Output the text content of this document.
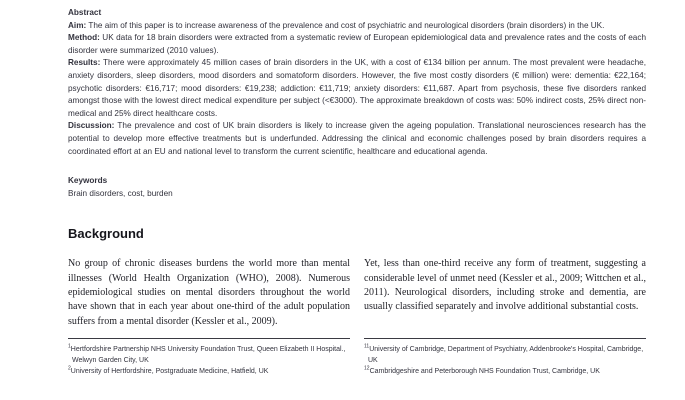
Abstract

Aim: The aim of this paper is to increase awareness of the prevalence and cost of psychiatric and neurological disorders (brain disorders) in the UK.

Method: UK data for 18 brain disorders were extracted from a systematic review of European epidemiological data and prevalence rates and the costs of each disorder were summarized (2010 values).

Results: There were approximately 45 million cases of brain disorders in the UK, with a cost of €134 billion per annum. The most prevalent were headache, anxiety disorders, sleep disorders, mood disorders and somatoform disorders. However, the five most costly disorders (€ million) were: dementia: €22,164; psychotic disorders: €16,717; mood disorders: €19,238; addiction: €11,719; anxiety disorders: €11,687. Apart from psychosis, these five disorders ranked amongst those with the lowest direct medical expenditure per subject (<€3000). The approximate breakdown of costs was: 50% indirect costs, 25% direct non-medical and 25% direct healthcare costs.

Discussion: The prevalence and cost of UK brain disorders is likely to increase given the ageing population. Translational neurosciences research has the potential to develop more effective treatments but is underfunded. Addressing the clinical and economic challenges posed by brain disorders requires a coordinated effort at an EU and national level to transform the current scientific, healthcare and educational agenda.

Keywords

Brain disorders, cost, burden

Background

No group of chronic diseases burdens the world more than mental illnesses (World Health Organization (WHO), 2008). Numerous epidemiological studies on mental disorders throughout the world have shown that in each year about one-third of the adult population suffers from a mental disorder (Kessler et al., 2009).

Yet, less than one-third receive any form of treatment, suggesting a considerable level of unmet need (Kessler et al., 2009; Wittchen et al., 2011). Neurological disorders, including stroke and dementia, are usually classified separately and involve additional substantial costs.

$^1$Hertfordshire Partnership NHS University Foundation Trust, Queen Elizabeth II Hospital., Welwyn Garden City, UK

$^2$University of Hertfordshire, Postgraduate Medicine, Hatfield, UK

$^{11}$University of Cambridge, Department of Psychiatry, Addenbrooke's Hospital, Cambridge, UK

$^{12}$Cambridgeshire and Peterborough NHS Foundation Trust, Cambridge, UK
